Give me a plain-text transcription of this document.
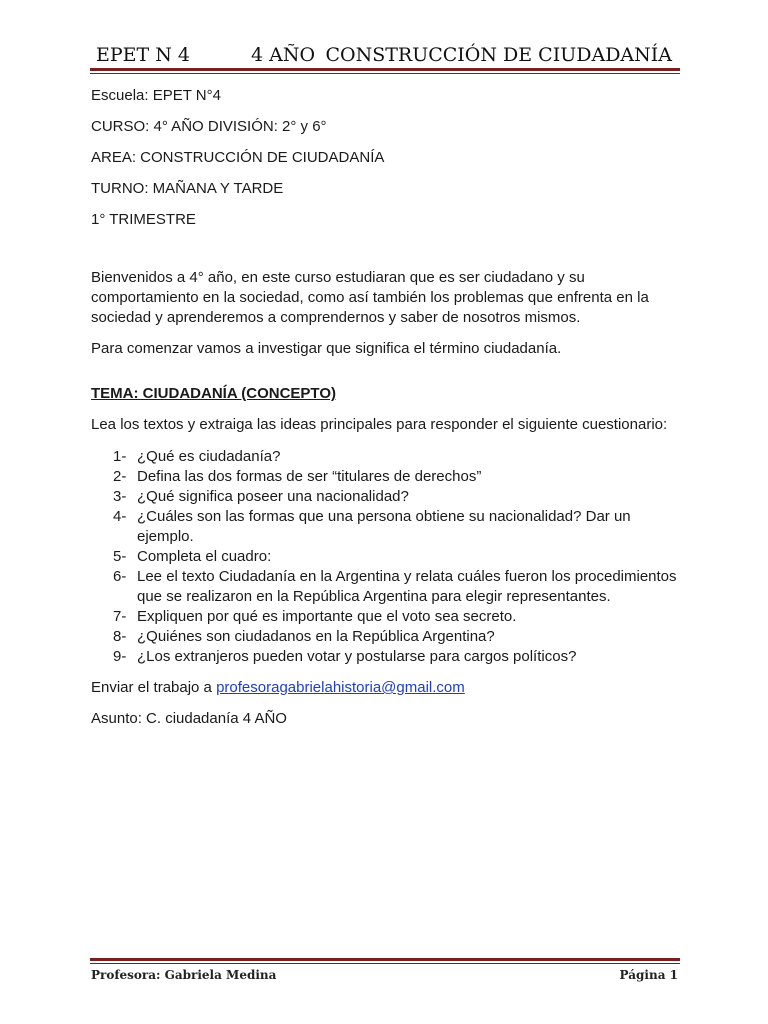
EPET N 4	4 AÑO CONSTRUCCIÓN DE CIUDADANÍA
Escuela: EPET N°4
CURSO: 4° AÑO DIVISIÓN: 2° y 6°
AREA: CONSTRUCCIÓN DE CIUDADANÍA
TURNO: MAÑANA Y TARDE
1° TRIMESTRE

Bienvenidos a 4° año, en este curso estudiaran que es ser ciudadano y su comportamiento en la sociedad, como así también los problemas que enfrenta en la sociedad y aprenderemos a comprendernos y saber de nosotros mismos.

Para comenzar vamos a investigar que significa el término ciudadanía.

TEMA: CIUDADANÍA (CONCEPTO)

Lea los textos y extraiga las ideas principales para responder el siguiente cuestionario:

1- ¿Qué es ciudadanía?
2- Defina las dos formas de ser “titulares de derechos”
3- ¿Qué significa poseer una nacionalidad?
4- ¿Cuáles son las formas que una persona obtiene su nacionalidad? Dar un ejemplo.
5- Completa el cuadro:
6- Lee el texto Ciudadanía en la Argentina y relata cuáles fueron los procedimientos que se realizaron en la República Argentina para elegir representantes.
7- Expliquen por qué es importante que el voto sea secreto.
8- ¿Quiénes son ciudadanos en la República Argentina?
9- ¿Los extranjeros pueden votar y postularse para cargos políticos?

Enviar el trabajo a profesoragabrielahistoria@gmail.com

Asunto: C. ciudadanía 4 AÑO

Profesora: Gabriela Medina	Página 1
